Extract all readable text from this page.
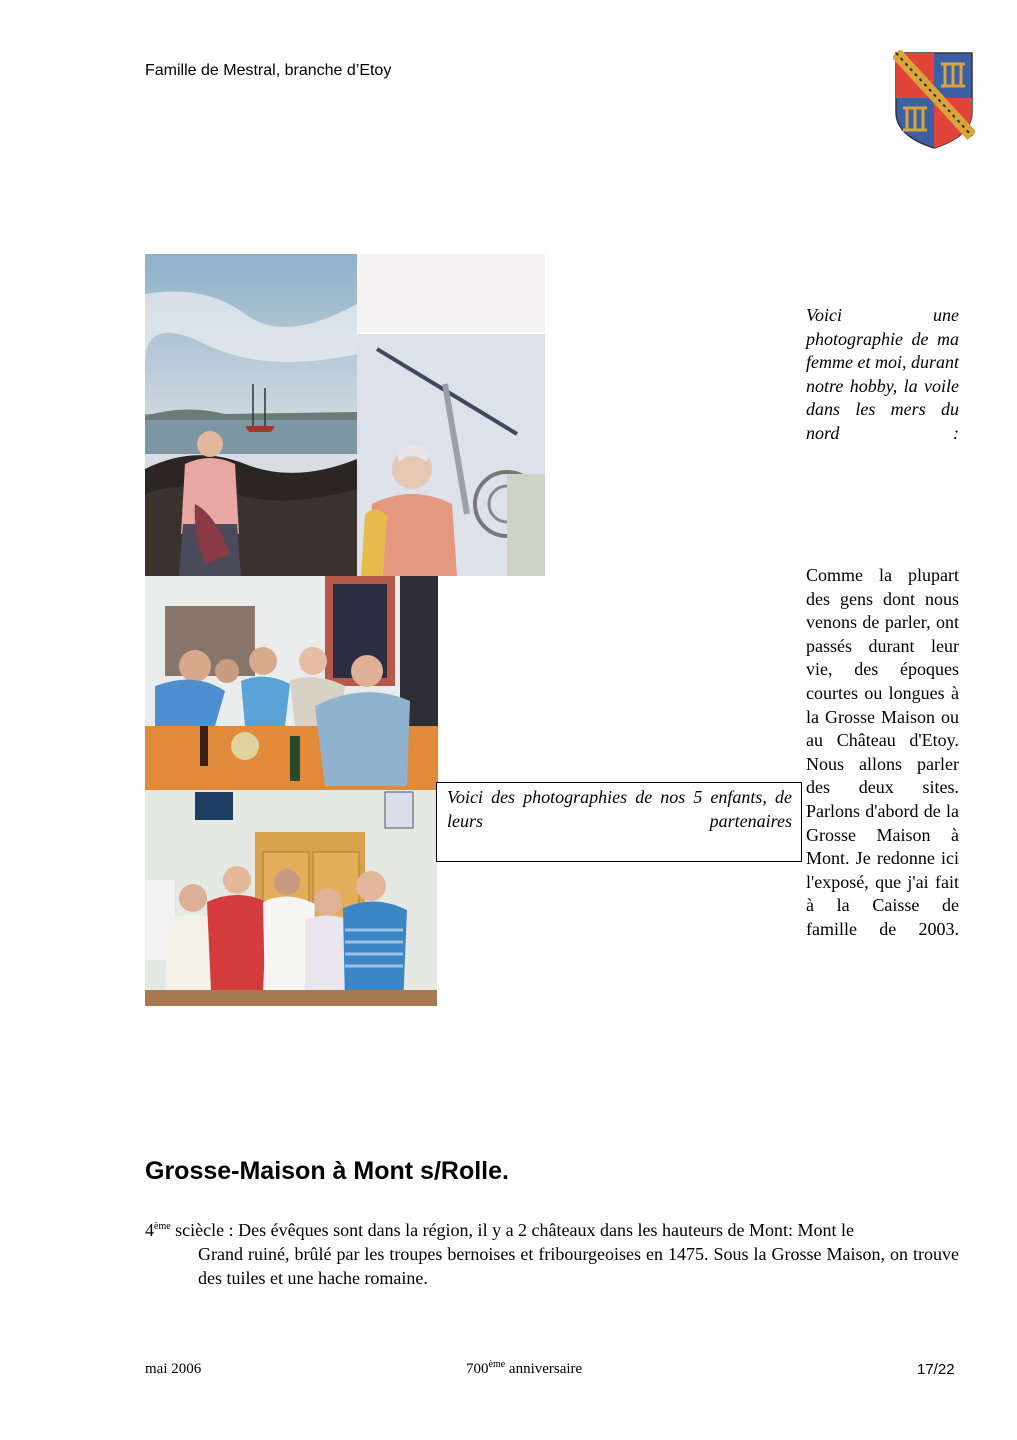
Famille de Mestral, branche d’Etoy
Voici une photographie de ma femme et moi, durant notre hobby, la voile dans les mers du nord :
Comme la plupart des gens dont nous venons de parler, ont passés durant leur vie, des époques courtes ou longues à la Grosse Maison ou au Château d'Etoy. Nous allons parler des deux sites. Parlons d'abord de la Grosse Maison à Mont. Je redonne ici l'exposé, que j'ai fait à la Caisse de famille de 2003.
Voici des photographies de nos 5 enfants, de leurs partenaires
Grosse-Maison à Mont s/Rolle.
4ème sciècle : Des évêques sont dans la région, il y a 2 châteaux dans les hauteurs de Mont: Mont le
Grand ruiné, brûlé par les troupes bernoises et fribourgeoises en 1475. Sous la Grosse Maison, on trouve des tuiles et une hache romaine.
mai 2006	700ème anniversaire	17/22
